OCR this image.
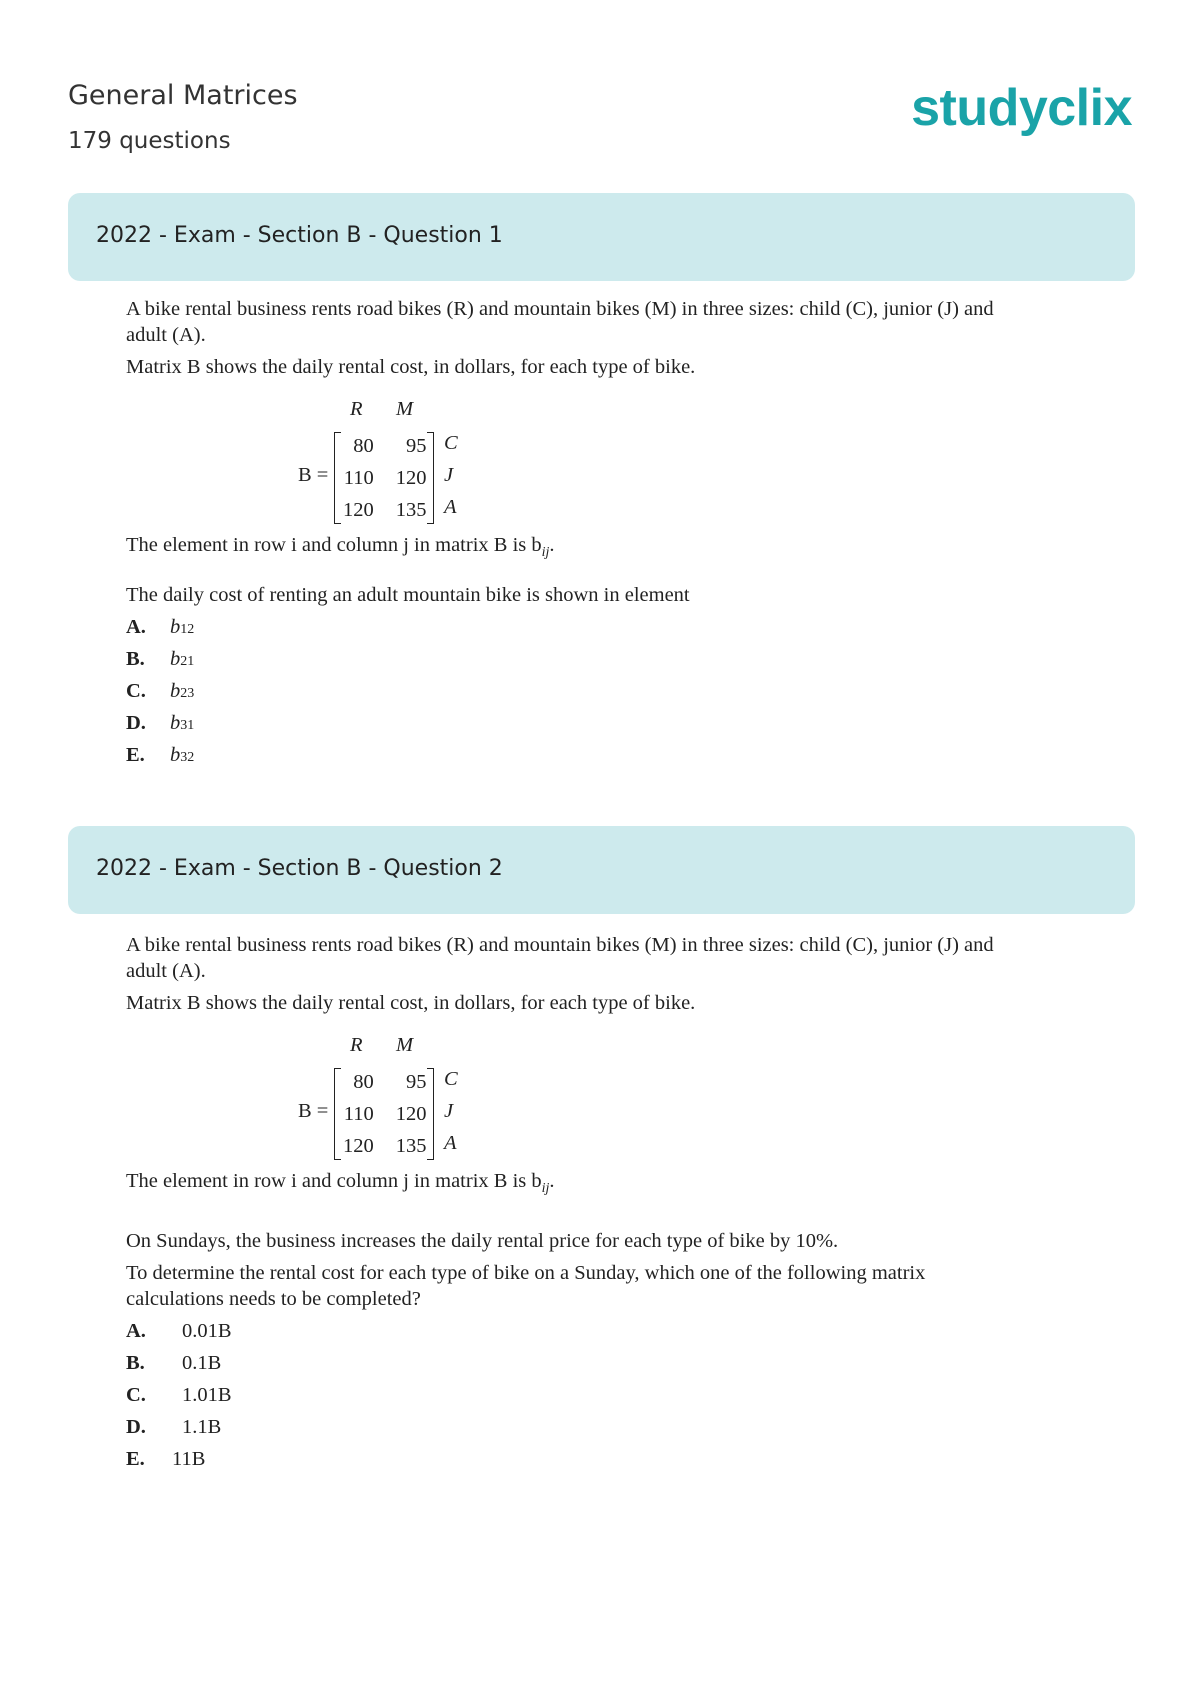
General Matrices
179 questions
studyclix
2022 - Exam - Section B - Question 1

A bike rental business rents road bikes (R) and mountain bikes (M) in three sizes: child (C), junior (J) and

adult (A).

Matrix B shows the daily rental cost, in dollars, for each type of bike.

R M
B =
80	95
110	120
120	135
C
J
A

The element in row i and column j in matrix B is $b_{ij}$.

The daily cost of renting an adult mountain bike is shown in element

A.	b 12
B.	b 21
C.	b 23
D.	b 31
E.	b 32
2022 - Exam - Section B - Question 2

A bike rental business rents road bikes (R) and mountain bikes (M) in three sizes: child (C), junior (J) and

adult (A).

Matrix B shows the daily rental cost, in dollars, for each type of bike.

R M
B =
80	95
110	120
120	135
C
J
A

The element in row i and column j in matrix B is $b_{ij}$.

On Sundays, the business increases the daily rental price for each type of bike by 10%.

To determine the rental cost for each type of bike on a Sunday, which one of the following matrix

calculations needs to be completed?

A.	0.01B
B.	0.1B
C.	1.01B
D.	1.1B
E.	11B
